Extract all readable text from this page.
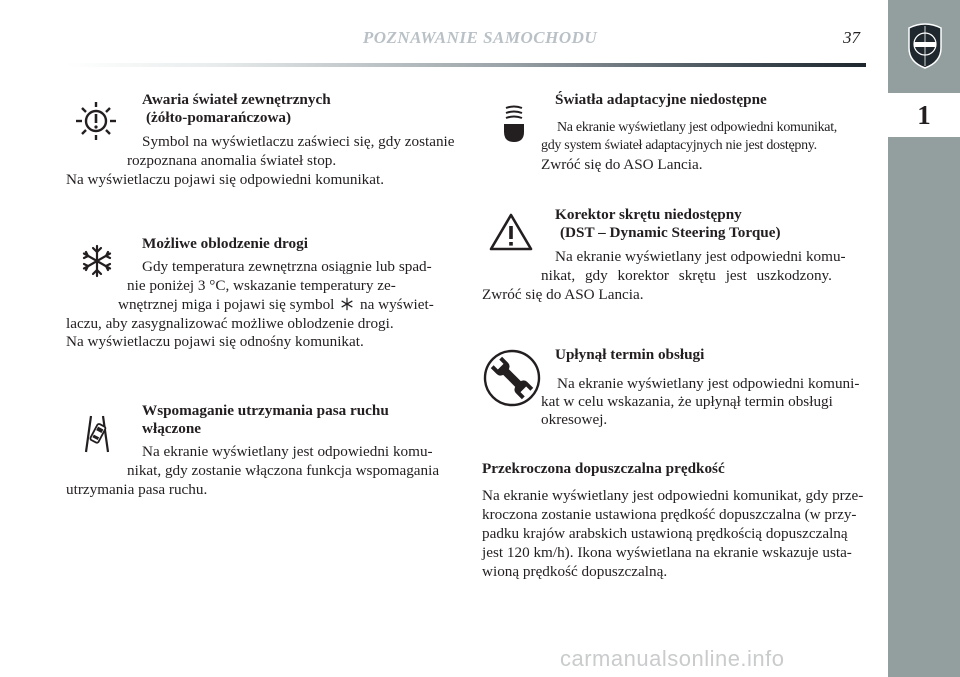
POZNAWANIE SAMOCHODU	37
1
Awaria świateł zewnętrznych
(żółto-pomarańczowa)
Symbol na wyświetlaczu zaświeci się, gdy zostanie
rozpoznana anomalia świateł stop.
Na wyświetlaczu pojawi się odpowiedni komunikat.
Możliwe oblodzenie drogi
Gdy temperatura zewnętrzna osiągnie lub spad-
nie poniżej 3 °C, wskazanie temperatury ze-
wnętrznej miga i pojawi się symbol na wyświet-
laczu, aby zasygnalizować możliwe oblodzenie drogi.
Na wyświetlaczu pojawi się odnośny komunikat.
Wspomaganie utrzymania pasa ruchu
włączone
Na ekranie wyświetlany jest odpowiedni komu-
nikat, gdy zostanie włączona funkcja wspomagania
utrzymania pasa ruchu.
Światła adaptacyjne niedostępne
Na ekranie wyświetlany jest odpowiedni komunikat,
gdy system świateł adaptacyjnych nie jest dostępny.
Zwróć się do ASO Lancia.
Korektor skrętu niedostępny
(DST – Dynamic Steering Torque)
Na ekranie wyświetlany jest odpowiedni komu-
nikat, gdy korektor skrętu jest uszkodzony.
Zwróć się do ASO Lancia.
Upłynął termin obsługi
Na ekranie wyświetlany jest odpowiedni komuni-
kat w celu wskazania, że upłynął termin obsługi
okresowej.
Przekroczona dopuszczalna prędkość
Na ekranie wyświetlany jest odpowiedni komunikat, gdy prze-
kroczona zostanie ustawiona prędkość dopuszczalna (w przy-
padku krajów arabskich ustawioną prędkością dopuszczalną
jest 120 km/h). Ikona wyświetlana na ekranie wskazuje usta-
wioną prędkość dopuszczalną.
carmanualsonline.info
